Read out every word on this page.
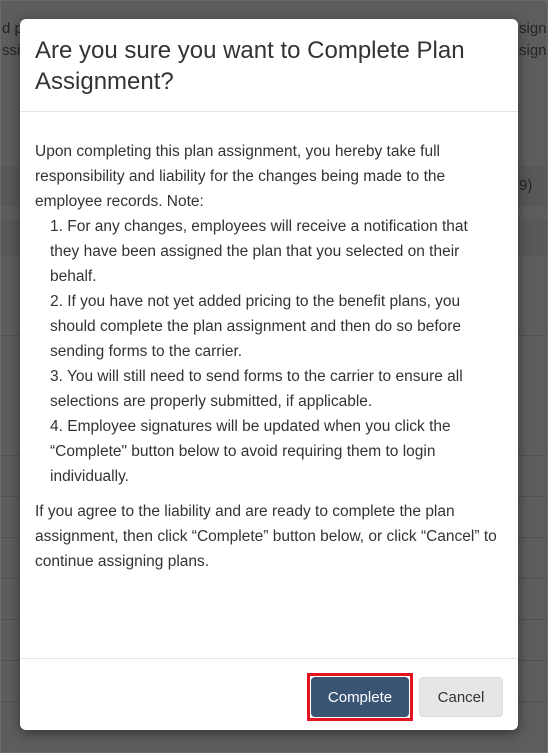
Are you sure you want to Complete Plan Assignment?

Upon completing this plan assignment, you hereby take full responsibility and liability for the changes being made to the employee records. Note:

1. For any changes, employees will receive a notification that they have been assigned the plan that you selected on their behalf.

2. If you have not yet added pricing to the benefit plans, you should complete the plan assignment and then do so before sending forms to the carrier.

3. You will still need to send forms to the carrier to ensure all selections are properly submitted, if applicable.

4. Employee signatures will be updated when you click the “Complete" button below to avoid requiring them to login individually.

If you agree to the liability and are ready to complete the plan assignment, then click “Complete” button below, or click “Cancel” to continue assigning plans.

Complete	Cancel
